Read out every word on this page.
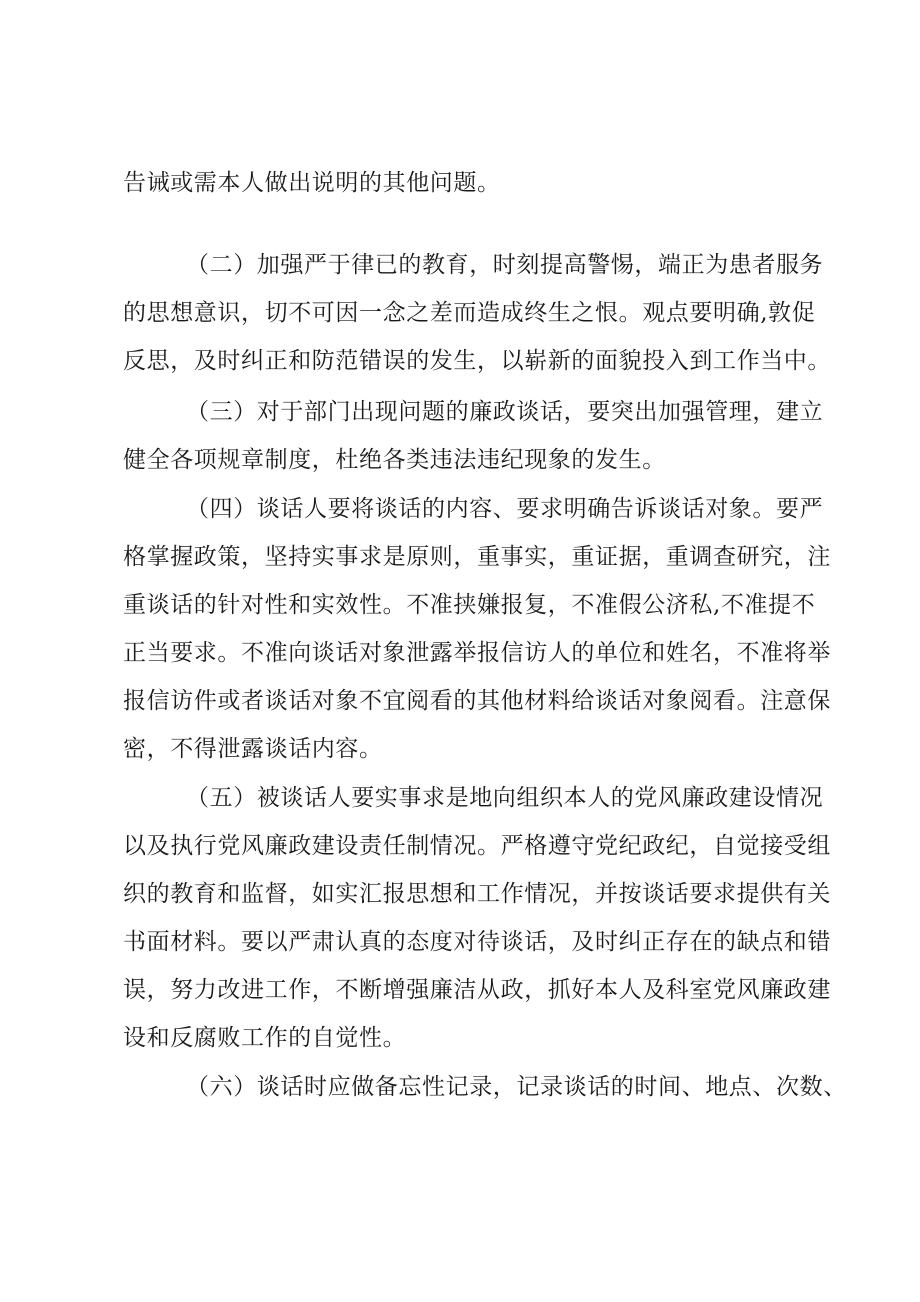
告诫或需本人做出说明的其他问题。

（二）加强严于律已的教育，时刻提高警惕，端正为患者服务

的思想意识，切不可因一念之差而造成终生之恨。观点要明确,敦促

反思，及时纠正和防范错误的发生，以崭新的面貌投入到工作当中。

（三）对于部门出现问题的廉政谈话，要突出加强管理，建立

健全各项规章制度，杜绝各类违法违纪现象的发生。

（四）谈话人要将谈话的内容、要求明确告诉谈话对象。要严

格掌握政策，坚持实事求是原则，重事实，重证据，重调查研究，注

重谈话的针对性和实效性。不准挟嫌报复，不准假公济私,不准提不

正当要求。不准向谈话对象泄露举报信访人的单位和姓名，不准将举

报信访件或者谈话对象不宜阅看的其他材料给谈话对象阅看。注意保

密，不得泄露谈话内容。

（五）被谈话人要实事求是地向组织本人的党风廉政建设情况

以及执行党风廉政建设责任制情况。严格遵守党纪政纪，自觉接受组

织的教育和监督，如实汇报思想和工作情况，并按谈话要求提供有关

书面材料。要以严肃认真的态度对待谈话，及时纠正存在的缺点和错

误，努力改进工作，不断增强廉洁从政，抓好本人及科室党风廉政建

设和反腐败工作的自觉性。

（六）谈话时应做备忘性记录，记录谈话的时间、地点、次数、
